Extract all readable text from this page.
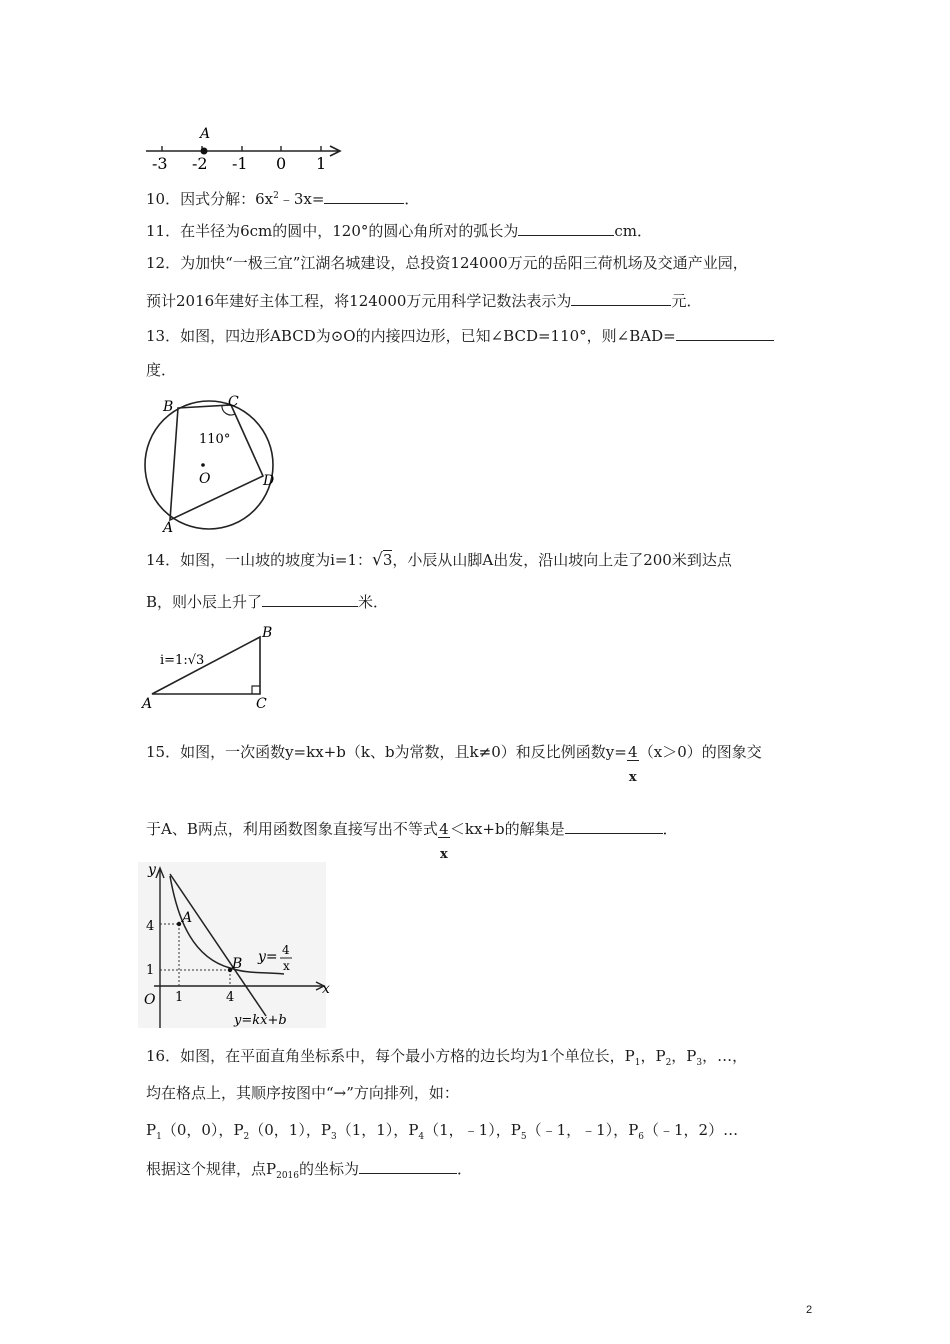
A
-3 -2 -1 0 1
10．因式分解：$6x^2﹣3x=$	．
11．在半径为6cm的圆中，120°的圆心角所对的弧长为	cm．
12．为加快“一极三宜”江湖名城建设，总投资124000万元的岳阳三荷机场及交通产业园，
预计2016年建好主体工程，将124000万元用科学记数法表示为	元．
13．如图，四边形ABCD为⊙O的内接四边形，已知∠BCD=110°，则∠BAD=
度．
B	C
D
A
O
110°
14．如图，一山坡的坡度为i=1：√3，小辰从山脚A出发，沿山坡向上走了200米到达点
B，则小辰上升了	米．
i=1:√3
A
B
C
15．如图，一次函数y=kx+b（k、b为常数，且k≠0）和反比例函数$y= \frac{4}{x} (x>0)$的图象交
于A、B两点，利用函数图象直接写出不等式 $\frac{4}{x} <kx+b$的解集是	．
y
x
O
A
B
4
1
1	4
y= 4
x
y=kx+b
16．如图，在平面直角坐标系中，每个最小方格的边长均为1个单位长，$P_1$，$P_2$，$P_3$，…，
均在格点上，其顺序按图中“→”方向排列，如：
$P_1(0$，0），$P_2(0$，1），$P_3(1$，1），$P_4(1$，﹣1），$P_5(﹣1$，﹣1），$P_6(﹣1$，2）…
根据这个规律，点$P_{2016}$的坐标为	．
2
